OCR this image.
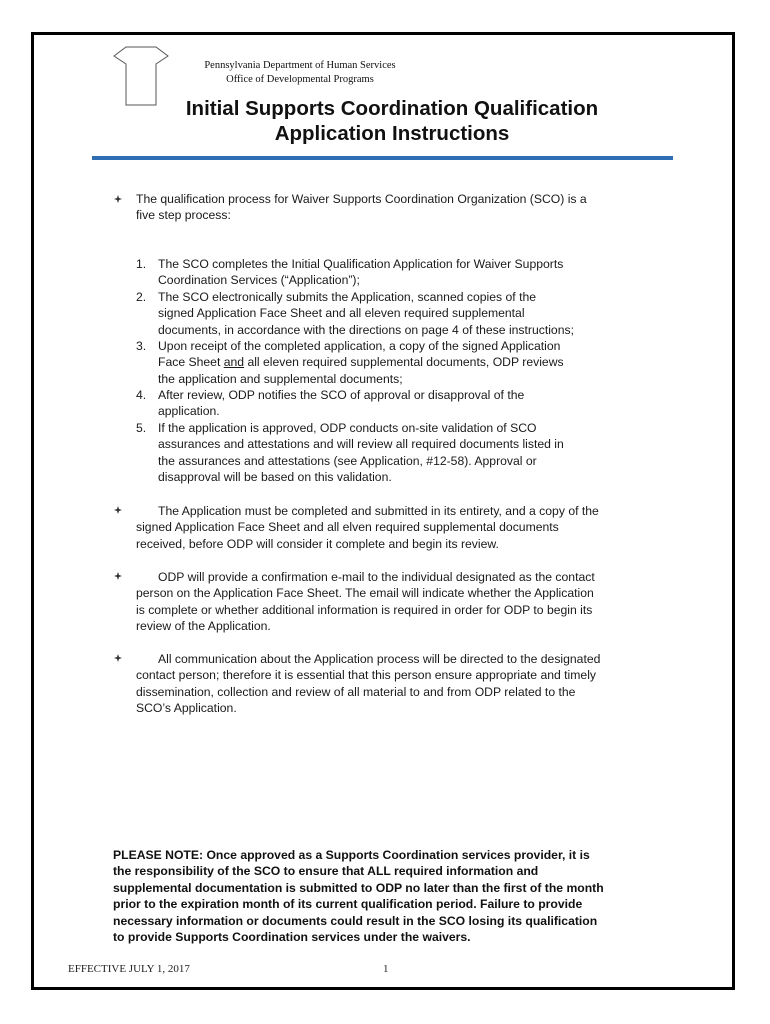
Pennsylvania Department of Human Services
Office of Developmental Programs
Initial Supports Coordination Qualification
Application Instructions
The qualification process for Waiver Supports Coordination Organization (SCO) is a
five step process:
1. The SCO completes the Initial Qualification Application for Waiver Supports
Coordination Services (“Application”);
2. The SCO electronically submits the Application, scanned copies of the
signed Application Face Sheet and all eleven required supplemental
documents, in accordance with the directions on page 4 of these instructions;
3. Upon receipt of the completed application, a copy of the signed Application
Face Sheet and all eleven required supplemental documents, ODP reviews
the application and supplemental documents;
4. After review, ODP notifies the SCO of approval or disapproval of the
application.
5. If the application is approved, ODP conducts on-site validation of SCO
assurances and attestations and will review all required documents listed in
the assurances and attestations (see Application, #12-58). Approval or
disapproval will be based on this validation.
The Application must be completed and submitted in its entirety, and a copy of the
signed Application Face Sheet and all elven required supplemental documents
received, before ODP will consider it complete and begin its review.
ODP will provide a confirmation e-mail to the individual designated as the contact
person on the Application Face Sheet. The email will indicate whether the Application
is complete or whether additional information is required in order for ODP to begin its
review of the Application.
All communication about the Application process will be directed to the designated
contact person; therefore it is essential that this person ensure appropriate and timely
dissemination, collection and review of all material to and from ODP related to the
SCO’s Application.
PLEASE NOTE: Once approved as a Supports Coordination services provider, it is
the responsibility of the SCO to ensure that ALL required information and
supplemental documentation is submitted to ODP no later than the first of the month
prior to the expiration month of its current qualification period. Failure to provide
necessary information or documents could result in the SCO losing its qualification
to provide Supports Coordination services under the waivers.
EFFECTIVE JULY 1, 2017	1
